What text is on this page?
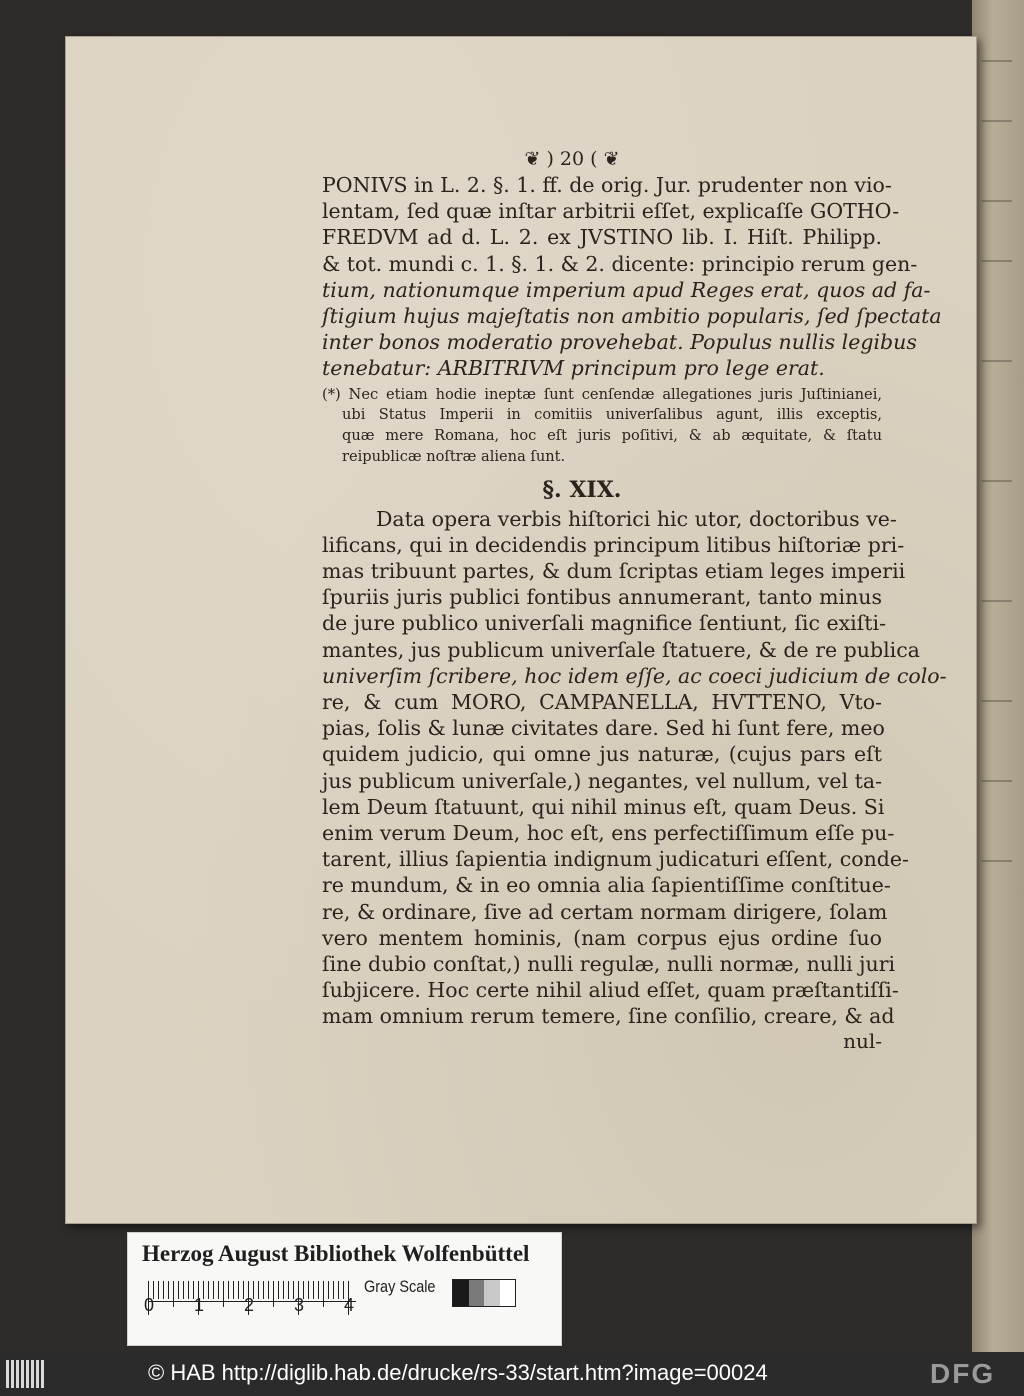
❦ ) 20 ( ❦
PONIVS in L. 2. §. 1. ff. de orig. Jur. prudenter non vio-
lentam, ſed quæ inſtar arbitrii eſſet, explicaſſe GOTHO-
FREDVM ad d. L. 2. ex JVSTINO lib. I. Hiſt. Philipp.
& tot. mundi c. 1. §. 1. & 2. dicente: principio rerum gen-
tium, nationumque imperium apud Reges erat, quos ad fa-
ſtigium hujus majeſtatis non ambitio popularis, ſed ſpectata
inter bonos moderatio provehebat. Populus nullis legibus
tenebatur: ARBITRIVM principum pro lege erat.
(*) Nec etiam hodie ineptæ ſunt cenſendæ allegationes juris Juſtinianei,
ubi Status Imperii in comitiis univerſalibus agunt, illis exceptis,
quæ mere Romana, hoc eſt juris poſitivi, & ab æquitate, & ſtatu
reipublicæ noſtræ aliena ſunt.
§. XIX.
Data opera verbis hiſtorici hic utor, doctoribus ve-
lificans, qui in decidendis principum litibus hiſtoriæ pri-
mas tribuunt partes, & dum ſcriptas etiam leges imperii
ſpuriis juris publici fontibus annumerant, tanto minus
de jure publico univerſali magnifice ſentiunt, ſic exiſti-
mantes, jus publicum univerſale ſtatuere, & de re publica
univerſim ſcribere, hoc idem eſſe, ac coeci judicium de colo-
re, & cum MORO, CAMPANELLA, HVTTENO, Vto-
pias, ſolis & lunæ civitates dare. Sed hi ſunt fere, meo
quidem judicio, qui omne jus naturæ, (cujus pars eſt
jus publicum univerſale,) negantes, vel nullum, vel ta-
lem Deum ſtatuunt, qui nihil minus eſt, quam Deus. Si
enim verum Deum, hoc eſt, ens perfectiſſimum eſſe pu-
tarent, illius ſapientia indignum judicaturi eſſent, conde-
re mundum, & in eo omnia alia ſapientiſſime conſtitue-
re, & ordinare, ſive ad certam normam dirigere, ſolam
vero mentem hominis, (nam corpus ejus ordine ſuo
ſine dubio conſtat,) nulli regulæ, nulli normæ, nulli juri
ſubjicere. Hoc certe nihil aliud eſſet, quam præſtantiſſi-
mam omnium rerum temere, ſine conſilio, creare, & ad
nul-
Herzog August Bibliothek Wolfenbüttel
0 1 2 3 4
Gray Scale
© HAB http://diglib.hab.de/drucke/rs-33/start.htm?image=00024	DFG
